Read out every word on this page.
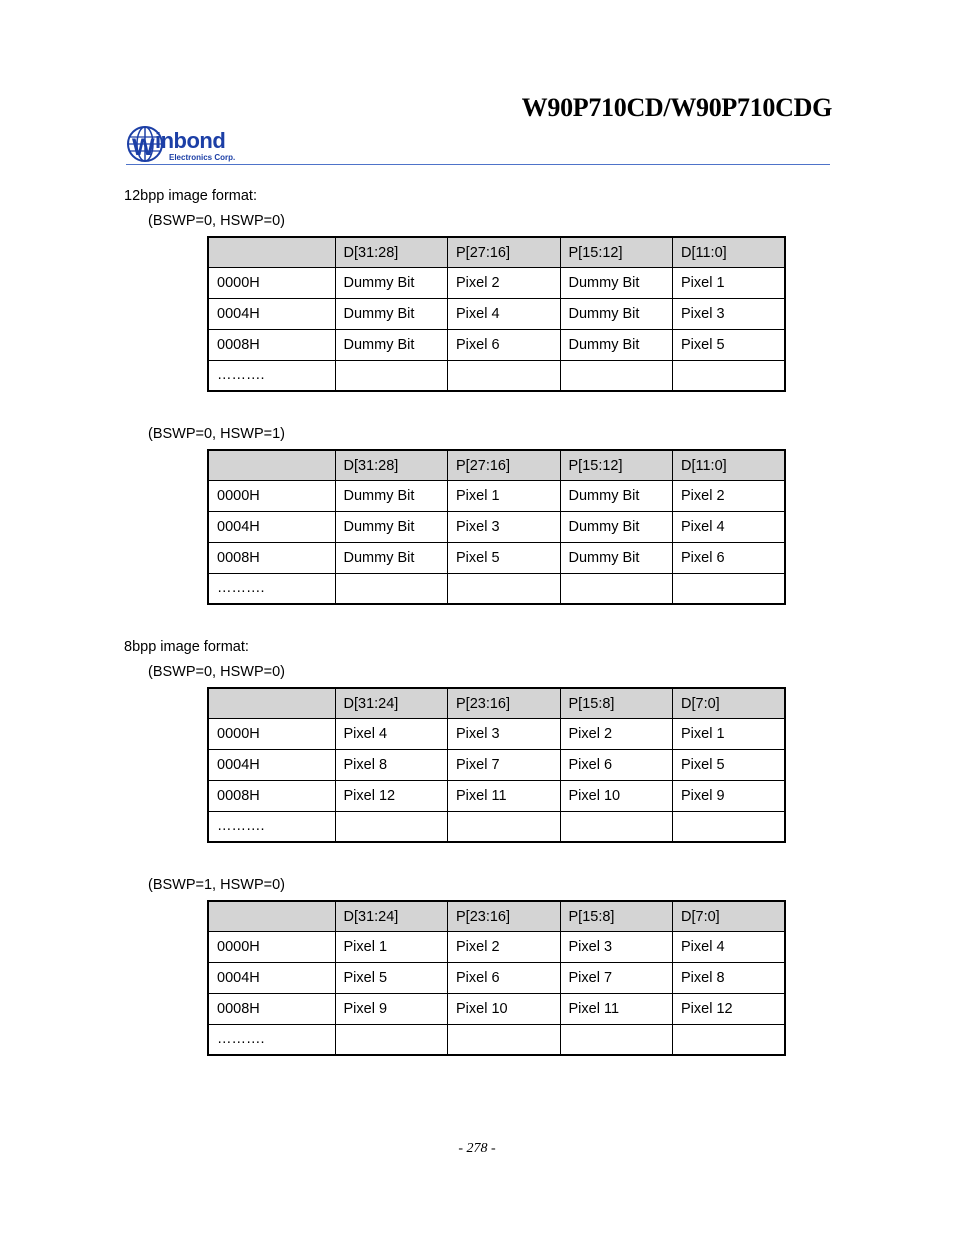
W90P710CD/W90P710CDG
W inbond
Electronics Corp.
12bpp image format:
(BSWP=0, HSWP=0)
	D[31:28]	P[27:16]	P[15:12]	D[11:0]
0000H	Dummy Bit	Pixel 2	Dummy Bit	Pixel 1
0004H	Dummy Bit	Pixel 4	Dummy Bit	Pixel 3
0008H	Dummy Bit	Pixel 6	Dummy Bit	Pixel 5
……….				
(BSWP=0, HSWP=1)
	D[31:28]	P[27:16]	P[15:12]	D[11:0]
0000H	Dummy Bit	Pixel 1	Dummy Bit	Pixel 2
0004H	Dummy Bit	Pixel 3	Dummy Bit	Pixel 4
0008H	Dummy Bit	Pixel 5	Dummy Bit	Pixel 6
……….				
8bpp image format:
(BSWP=0, HSWP=0)
	D[31:24]	P[23:16]	P[15:8]	D[7:0]
0000H	Pixel 4	Pixel 3	Pixel 2	Pixel 1
0004H	Pixel 8	Pixel 7	Pixel 6	Pixel 5
0008H	Pixel 12	Pixel 11	Pixel 10	Pixel 9
……….				
(BSWP=1, HSWP=0)
	D[31:24]	P[23:16]	P[15:8]	D[7:0]
0000H	Pixel 1	Pixel 2	Pixel 3	Pixel 4
0004H	Pixel 5	Pixel 6	Pixel 7	Pixel 8
0008H	Pixel 9	Pixel 10	Pixel 11	Pixel 12
……….				
- 278 -
